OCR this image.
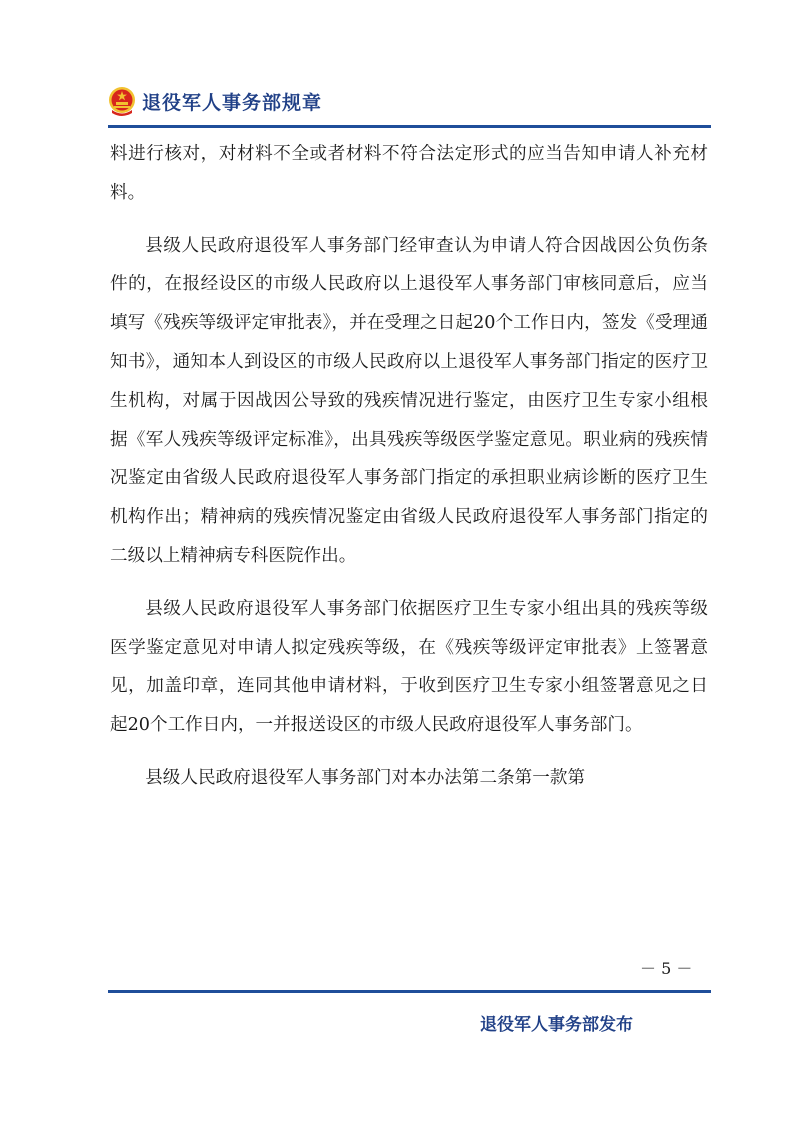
退役军人事务部规章

料进行核对，对材料不全或者材料不符合法定形式的应当告知申请人补充材料。

县级人民政府退役军人事务部门经审查认为申请人符合因战因公负伤条件的，在报经设区的市级人民政府以上退役军人事务部门审核同意后，应当填写《残疾等级评定审批表》，并在受理之日起20个工作日内，签发《受理通知书》，通知本人到设区的市级人民政府以上退役军人事务部门指定的医疗卫生机构，对属于因战因公导致的残疾情况进行鉴定，由医疗卫生专家小组根据《军人残疾等级评定标准》，出具残疾等级医学鉴定意见。职业病的残疾情况鉴定由省级人民政府退役军人事务部门指定的承担职业病诊断的医疗卫生机构作出；精神病的残疾情况鉴定由省级人民政府退役军人事务部门指定的二级以上精神病专科医院作出。

县级人民政府退役军人事务部门依据医疗卫生专家小组出具的残疾等级医学鉴定意见对申请人拟定残疾等级，在《残疾等级评定审批表》上签署意见，加盖印章，连同其他申请材料，于收到医疗卫生专家小组签署意见之日起20个工作日内，一并报送设区的市级人民政府退役军人事务部门。

县级人民政府退役军人事务部门对本办法第二条第一款第

－ 5 －
退役军人事务部发布
